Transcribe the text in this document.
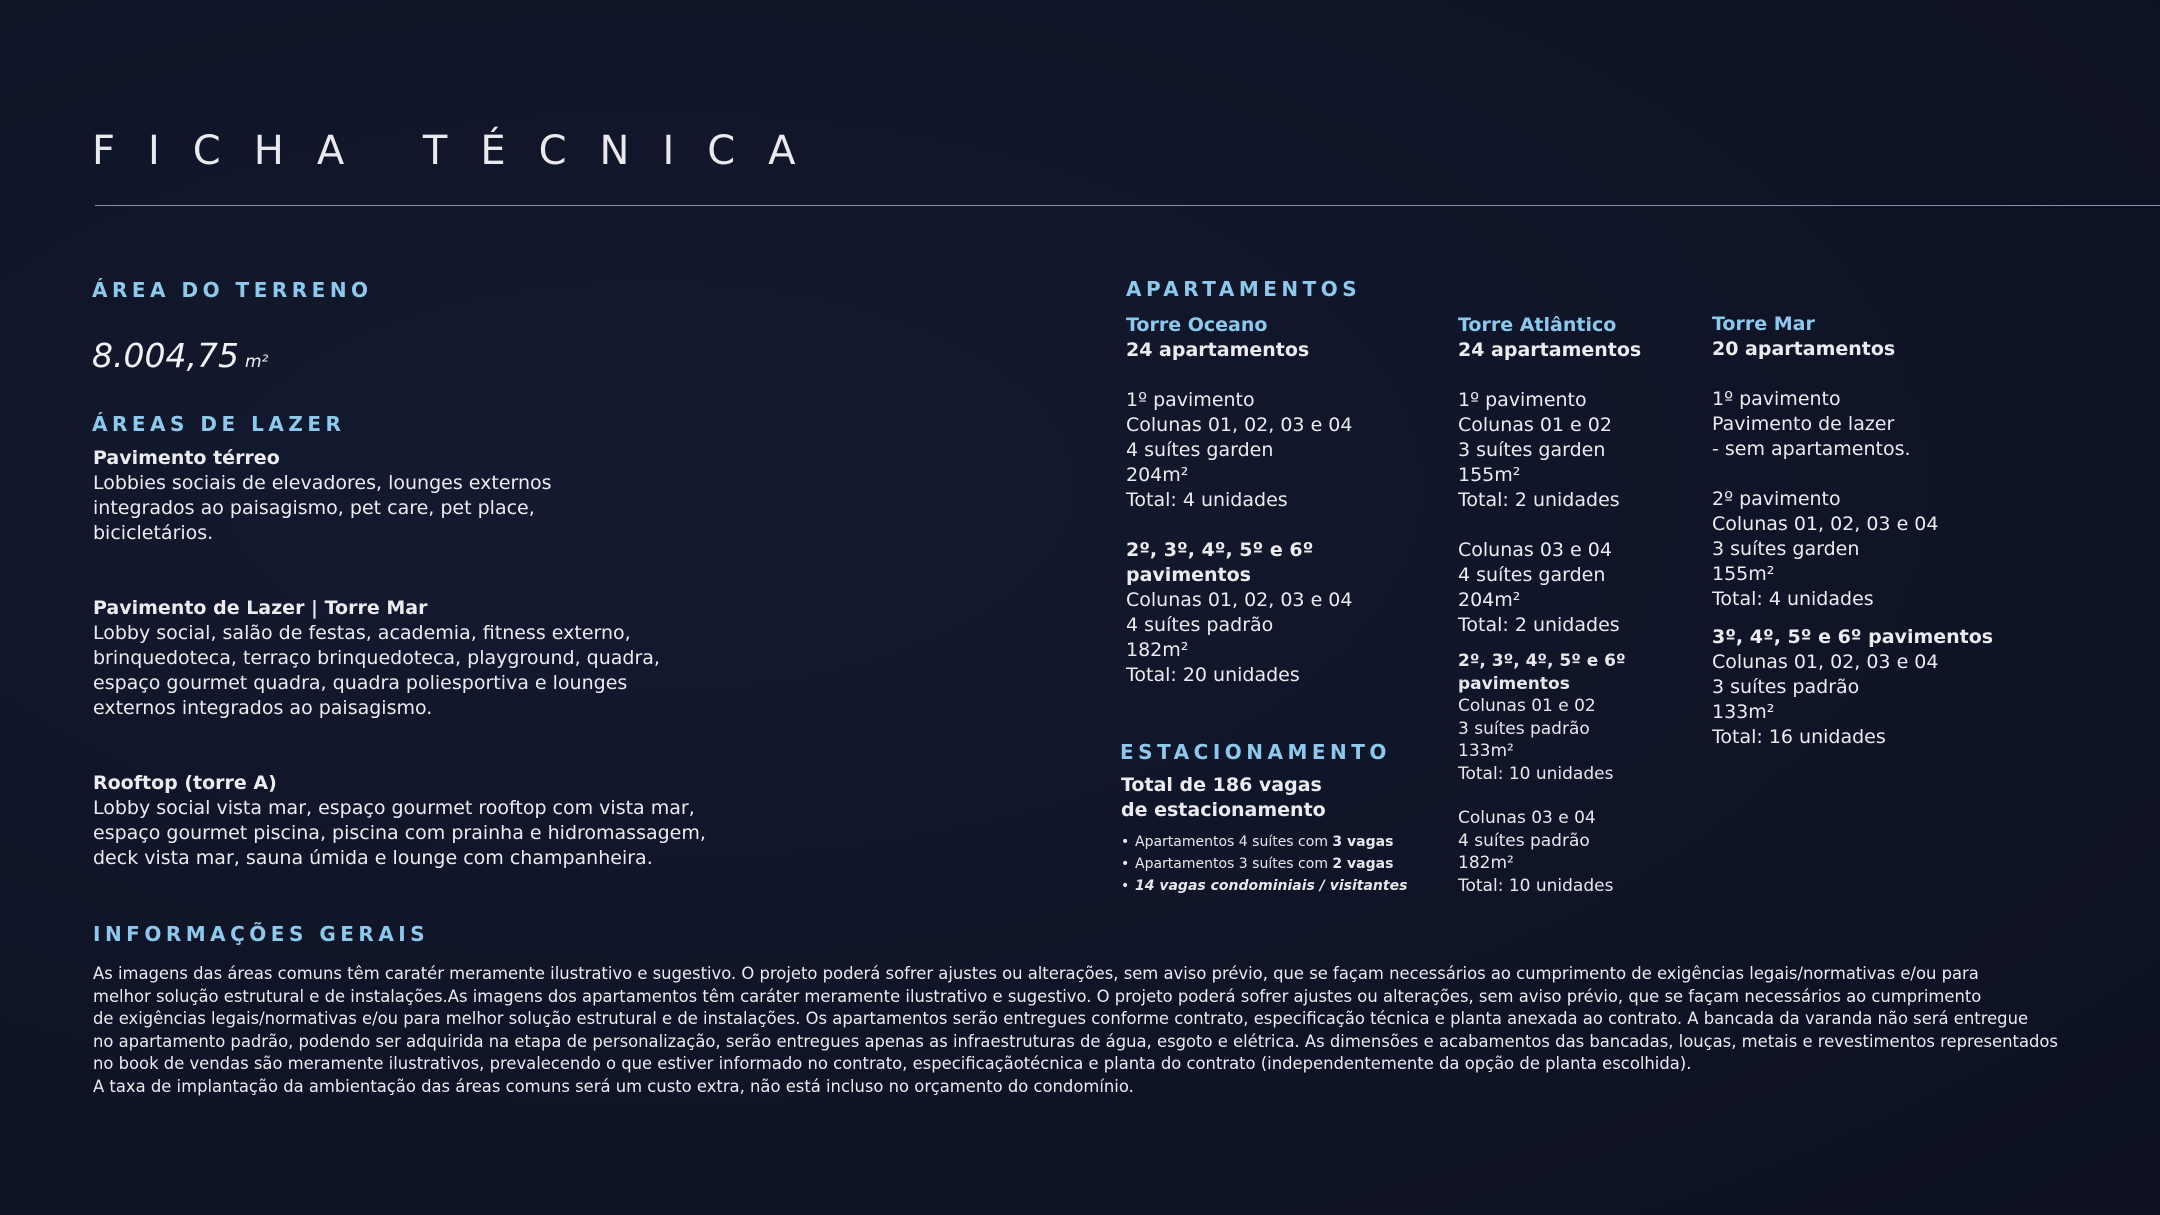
FICHA TÉCNICA
ÁREA DO TERRENO
8.004,75 m²
ÁREAS DE LAZER

Pavimento térreo

Lobbies sociais de elevadores, lounges externos

integrados ao paisagismo, pet care, pet place,

bicicletários.

Pavimento de Lazer | Torre Mar

Lobby social, salão de festas, academia, fitness externo,

brinquedoteca, terraço brinquedoteca, playground, quadra,

espaço gourmet quadra, quadra poliesportiva e lounges

externos integrados ao paisagismo.

Rooftop (torre A)

Lobby social vista mar, espaço gourmet rooftop com vista mar,

espaço gourmet piscina, piscina com prainha e hidromassagem,

deck vista mar, sauna úmida e lounge com champanheira.

APARTAMENTOS

Torre Oceano

24 apartamentos

1º pavimento

Colunas 01, 02, 03 e 04

4 suítes garden

204m²

Total: 4 unidades

2º, 3º, 4º, 5º e 6º

pavimentos

Colunas 01, 02, 03 e 04

4 suítes padrão

182m²

Total: 20 unidades

Torre Atlântico

24 apartamentos

1º pavimento

Colunas 01 e 02

3 suítes garden

155m²

Total: 2 unidades

Colunas 03 e 04

4 suítes garden

204m²

Total: 2 unidades

2º, 3º, 4º, 5º e 6º

pavimentos

Colunas 01 e 02

3 suítes padrão

133m²

Total: 10 unidades

Colunas 03 e 04

4 suítes padrão

182m²

Total: 10 unidades

Torre Mar

20 apartamentos

1º pavimento

Pavimento de lazer

- sem apartamentos.

2º pavimento

Colunas 01, 02, 03 e 04

3 suítes garden

155m²

Total: 4 unidades

3º, 4º, 5º e 6º pavimentos

Colunas 01, 02, 03 e 04

3 suítes padrão

133m²

Total: 16 unidades

ESTACIONAMENTO

Total de 186 vagas

de estacionamento

• Apartamentos 4 suítes com 3 vagas
• Apartamentos 3 suítes com 2 vagas
• 14 vagas condominiais / visitantes
INFORMAÇÕES GERAIS

As imagens das áreas comuns têm caratér meramente ilustrativo e sugestivo. O projeto poderá sofrer ajustes ou alterações, sem aviso prévio, que se façam necessários ao cumprimento de exigências legais/normativas e/ou para

melhor solução estrutural e de instalações.As imagens dos apartamentos têm caráter meramente ilustrativo e sugestivo. O projeto poderá sofrer ajustes ou alterações, sem aviso prévio, que se façam necessários ao cumprimento

de exigências legais/normativas e/ou para melhor solução estrutural e de instalações. Os apartamentos serão entregues conforme contrato, especificação técnica e planta anexada ao contrato. A bancada da varanda não será entregue

no apartamento padrão, podendo ser adquirida na etapa de personalização, serão entregues apenas as infraestruturas de água, esgoto e elétrica. As dimensões e acabamentos das bancadas, louças, metais e revestimentos representados

no book de vendas são meramente ilustrativos, prevalecendo o que estiver informado no contrato, especificaçãotécnica e planta do contrato (independentemente da opção de planta escolhida).

A taxa de implantação da ambientação das áreas comuns será um custo extra, não está incluso no orçamento do condomínio.
